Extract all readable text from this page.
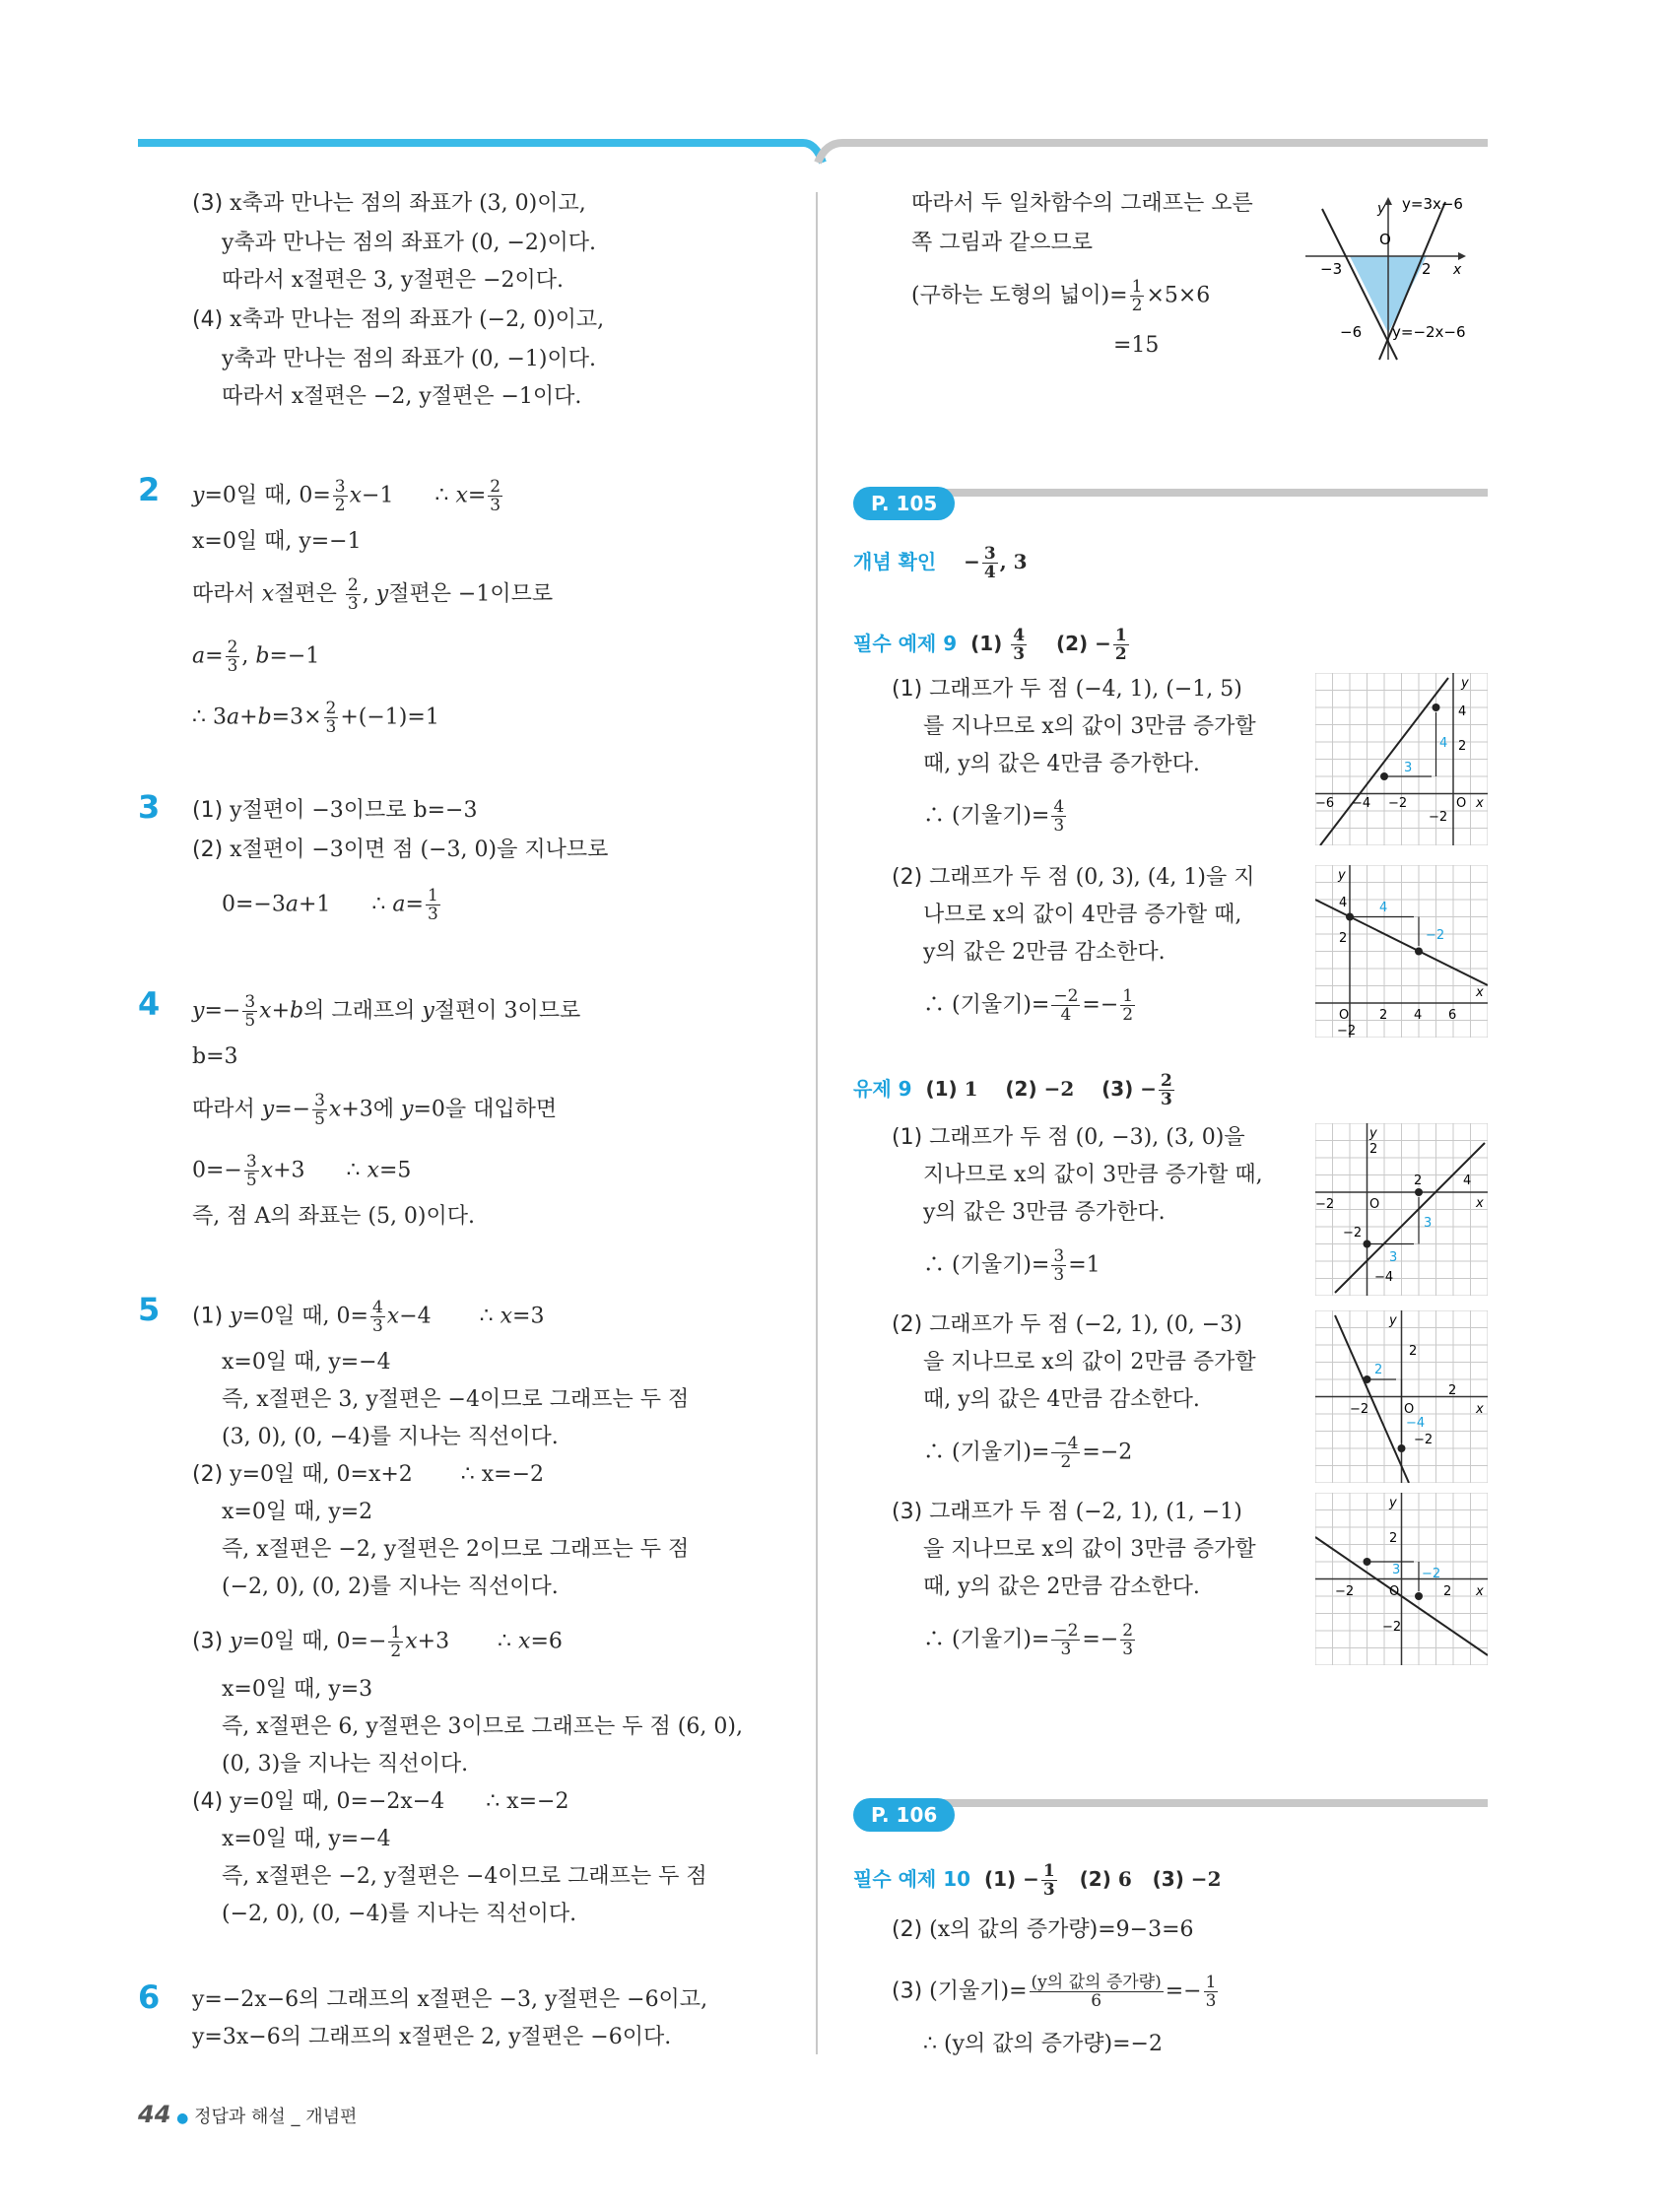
(3) x축과 만나는 점의 좌표가 (3, 0)이고,
y축과 만나는 점의 좌표가 (0, −2)이다.
따라서 x절편은 3, y절편은 −2이다.
(4) x축과 만나는 점의 좌표가 (−2, 0)이고,
y축과 만나는 점의 좌표가 (0, −1)이다.
따라서 x절편은 −2, y절편은 −1이다.
2 y=0일 때, $0= \frac{3}{2} x-1$      ∴ $x= \frac{2}{3}$
x=0일 때, y=−1
따라서 x절편은 $\frac{2}{3}$ , y절편은 −1이므로
$a= \frac{2}{3}$ , b=−1
∴ $3a+b=3\times \frac{2}{3} +(-1)=1$
3 (1) y절편이 −3이므로 b=−3
(2) x절편이 −3이면 점 (−3, 0)을 지나므로
0=−3a+1      ∴ $a= \frac{1}{3}$
4 $y=- \frac{3}{5} x+b$의 그래프의 y절편이 3이므로
b=3
따라서 $y=- \frac{3}{5} x+3$에 y=0을 대입하면
$0=- \frac{3}{5} x+3$      ∴ x=5
즉, 점 A의 좌표는 (5, 0)이다.
5 (1) y=0일 때, $0= \frac{4}{3} x-4$       ∴ x=3
x=0일 때, y=−4
즉, x절편은 3, y절편은 −4이므로 그래프는 두 점
(3, 0), (0, −4)를 지나는 직선이다.
(2) y=0일 때, 0=x+2 ∴ x=−2
x=0일 때, y=2
즉, x절편은 −2, y절편은 2이므로 그래프는 두 점
(−2, 0), (0, 2)를 지나는 직선이다.
(3) y=0일 때, $0=- \frac{1}{2} x+3$       ∴ x=6
x=0일 때, y=3
즉, x절편은 6, y절편은 3이므로 그래프는 두 점 (6, 0),
(0, 3)을 지나는 직선이다.
(4) y=0일 때, 0=−2x−4 ∴ x=−2
x=0일 때, y=−4
즉, x절편은 −2, y절편은 −4이므로 그래프는 두 점
(−2, 0), (0, −4)를 지나는 직선이다.
6 y=−2x−6의 그래프의 x절편은 −3, y절편은 −6이고,
y=3x−6의 그래프의 x절편은 2, y절편은 −6이다.
따라서 두 일차함수의 그래프는 오른
쪽 그림과 같으므로
(구하는 도형의 넓이)= $\frac{1}{2} \times 5\times 6$
=15
y
O
x
−3	2
−6
y=3x−6
y=−2x−6
P. 105
개념 확인 − $\frac{3}{4}$ , 3
필수 예제 9 $(1) \frac{4}{3} (2) - \frac{1}{2}$
(1) 그래프가 두 점 (−4, 1), (−1, 5)
를 지나므로 x의 값이 3만큼 증가할
때, y의 값은 4만큼 증가한다.
∴ (기울기)= $\frac{4}{3}$
(2) 그래프가 두 점 (0, 3), (4, 1)을 지
나므로 x의 값이 4만큼 증가할 때,
y의 값은 2만큼 감소한다.
∴ (기울기)= $\frac{-2}{4} =- \frac{1}{2}$
유제 9 (1) 1    (2) −2    $(3) - \frac{2}{3}$
(1) 그래프가 두 점 (0, −3), (3, 0)을
지나므로 x의 값이 3만큼 증가할 때,
y의 값은 3만큼 증가한다.
∴ (기울기)= $\frac{3}{3} =1$
(2) 그래프가 두 점 (−2, 1), (0, −3)
을 지나므로 x의 값이 2만큼 증가할
때, y의 값은 4만큼 감소한다.
∴ (기울기)= $\frac{-4}{2} =-2$
(3) 그래프가 두 점 (−2, 1), (1, −1)
을 지나므로 x의 값이 3만큼 증가할
때, y의 값은 2만큼 감소한다.
∴ (기울기)= $\frac{-2}{3} =- \frac{2}{3}$
y
x
O
−6 −4 −2
4
2
−2
3
4
y
x
O 2 4 6
4
2
−2
4
−2
y
x
O
−2
2	4
2
−2
−4
3
3
y
x
O
−2
2
2
−2
2
−4
y
x
O
−2	2
2
−2
3 −2
P. 106
필수 예제 10 $(1) - \frac{1}{3} (2)$ 6   (3) −2
(2) (x의 값의 증가량)=9−3=6
(3) (기울기)= (y의 값의 증가량)
6	=− $\frac{1}{3}$
∴ (y의 값의 증가량)=−2
44 ● 정답과 해설 _ 개념편
